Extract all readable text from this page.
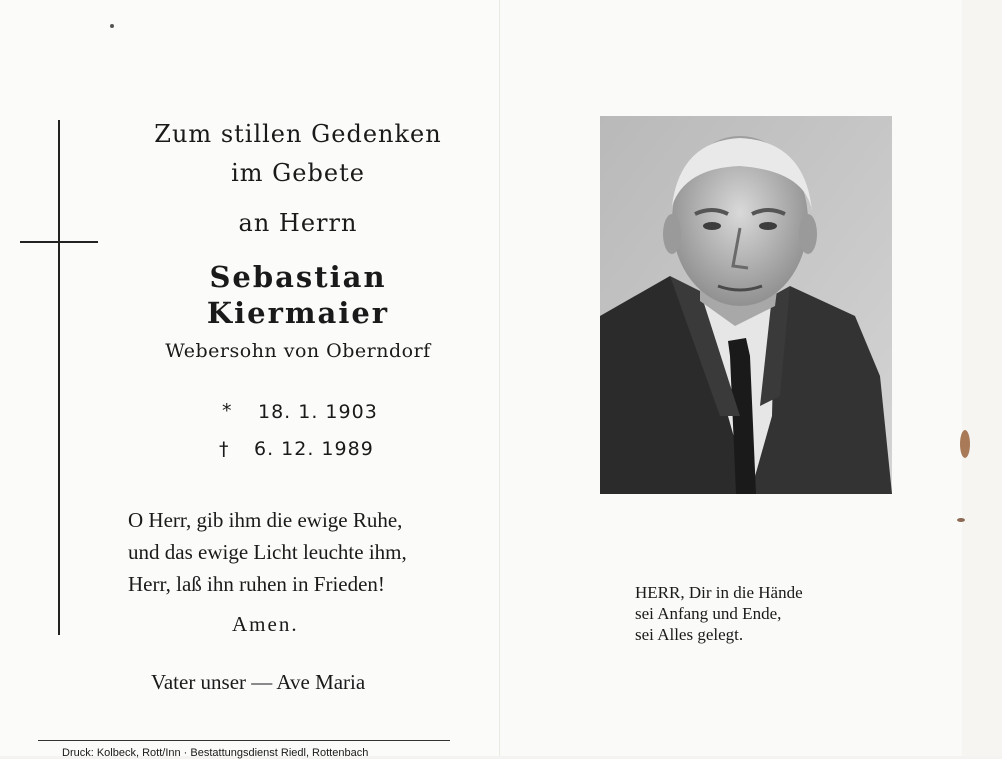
Zum stillen Gedenken
im Gebete
an Herrn
Sebastian
Kiermaier
Webersohn von Oberndorf
* 18. 1. 1903
† 6. 12. 1989
O Herr, gib ihm die ewige Ruhe,
und das ewige Licht leuchte ihm,
Herr, laß ihn ruhen in Frieden!
Amen.
Vater unser — Ave Maria
Druck: Kolbeck, Rott/Inn · Bestattungsdienst Riedl, Rottenbach
HERR, Dir in die Hände
sei Anfang und Ende,
sei Alles gelegt.
